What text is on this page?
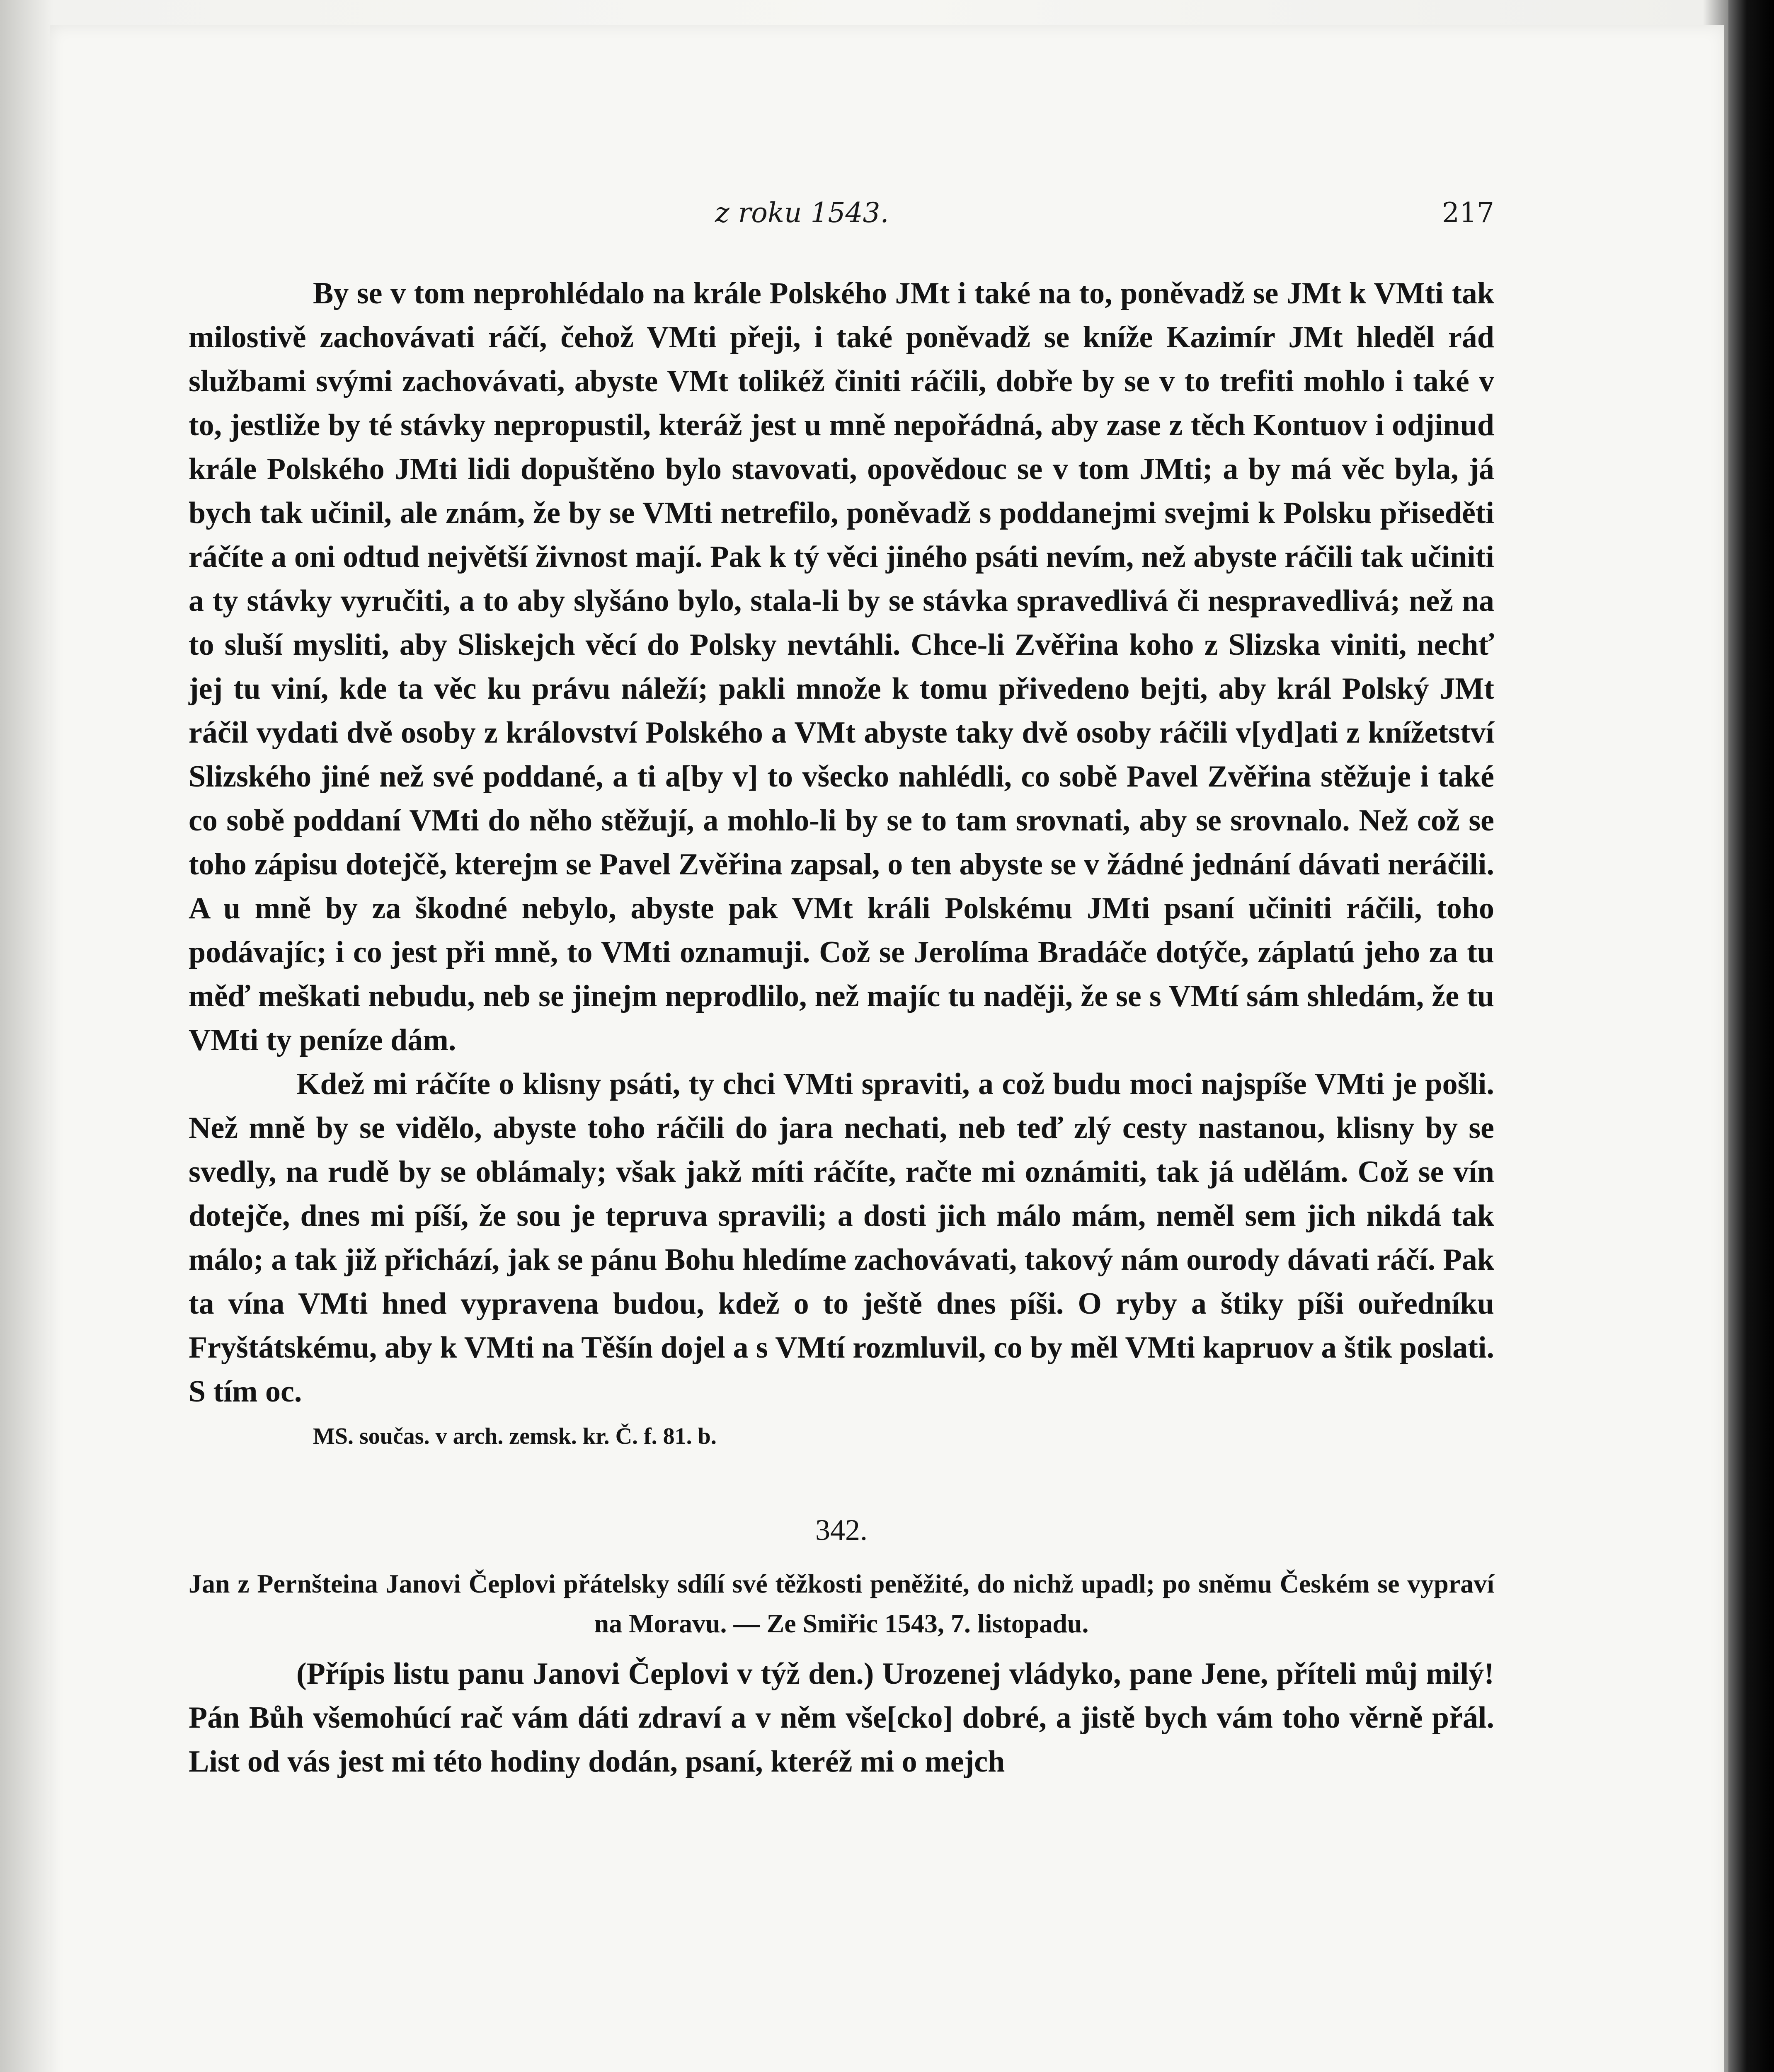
z roku 1543.	217

By se v tom neprohlédalo na krále Polského JMt i také na to, poněvadž se JMt k VMti tak milostivě zachovávati ráčí, čehož VMti přeji, i také poněvadž se kníže Kazimír JMt hleděl rád službami svými zachovávati, abyste VMt tolikéž činiti ráčili, dobře by se v to trefiti mohlo i také v to, jestliže by té stávky nepropustil, kteráž jest u mně nepořádná, aby zase z těch Kontuov i odjinud krále Polského JMti lidi dopuštěno bylo stavovati, opovědouc se v tom JMti; a by má věc byla, já bych tak učinil, ale znám, že by se VMti netrefilo, poněvadž s poddanejmi svejmi k Polsku přiseděti ráčíte a oni odtud největší živnost mají. Pak k tý věci jiného psáti nevím, než abyste ráčili tak učiniti a ty stávky vyručiti, a to aby slyšáno bylo, stala-li by se stávka spravedlivá či nespravedlivá; než na to sluší mysliti, aby Sliskejch věcí do Polsky nevtáhli. Chce-li Zvěřina koho z Slizska viniti, nechť jej tu viní, kde ta věc ku právu náleží; pakli množe k tomu přivedeno bejti, aby král Polský JMt ráčil vydati dvě osoby z království Polského a VMt abyste taky dvě osoby ráčili v[yd]ati z knížetství Slizského jiné než své poddané, a ti a[by v] to všecko nahlédli, co sobě Pavel Zvěřina stěžuje i také co sobě poddaní VMti do něho stěžují, a mohlo-li by se to tam srovnati, aby se srovnalo. Než což se toho zápisu dotejčě, kterejm se Pavel Zvěřina zapsal, o ten abyste se v žádné jednání dávati neráčili. A u mně by za škodné nebylo, abyste pak VMt králi Polskému JMti psaní učiniti ráčili, toho podávajíc; i co jest při mně, to VMti oznamuji. Což se Jerolíma Bradáče dotýče, záplatú jeho za tu měď meškati nebudu, neb se jinejm neprodlilo, než majíc tu naději, že se s VMtí sám shledám, že tu VMti ty peníze dám.

Kdež mi ráčíte o klisny psáti, ty chci VMti spraviti, a což budu moci najspíše VMti je pošli. Než mně by se vidělo, abyste toho ráčili do jara nechati, neb teď zlý cesty nastanou, klisny by se svedly, na rudě by se oblámaly; však jakž míti ráčíte, račte mi oznámiti, tak já udělám. Což se vín dotejče, dnes mi píší, že sou je tepruva spravili; a dosti jich málo mám, neměl sem jich nikdá tak málo; a tak již přichází, jak se pánu Bohu hledíme zachovávati, takový nám ourody dávati ráčí. Pak ta vína VMti hned vypravena budou, kdež o to ještě dnes píši. O ryby a štiky píši ouředníku Fryštátskému, aby k VMti na Těšín dojel a s VMtí rozmluvil, co by měl VMti kapruov a štik poslati. S tím oc.

MS. součas. v arch. zemsk. kr. Č. f. 81. b.
342.
Jan z Pernšteina Janovi Čeplovi přátelsky sdílí své těžkosti peněžité, do nichž upadl; po sněmu Českém se vypraví na Moravu. — Ze Smiřic 1543, 7. listopadu.

(Přípis listu panu Janovi Čeplovi v týž den.) Urozenej vládyko, pane Jene, příteli můj milý! Pán Bůh všemohúcí rač vám dáti zdraví a v něm vše[cko] dobré, a jistě bych vám toho věrně přál. List od vás jest mi této hodiny dodán, psaní, kteréž mi o mejch
